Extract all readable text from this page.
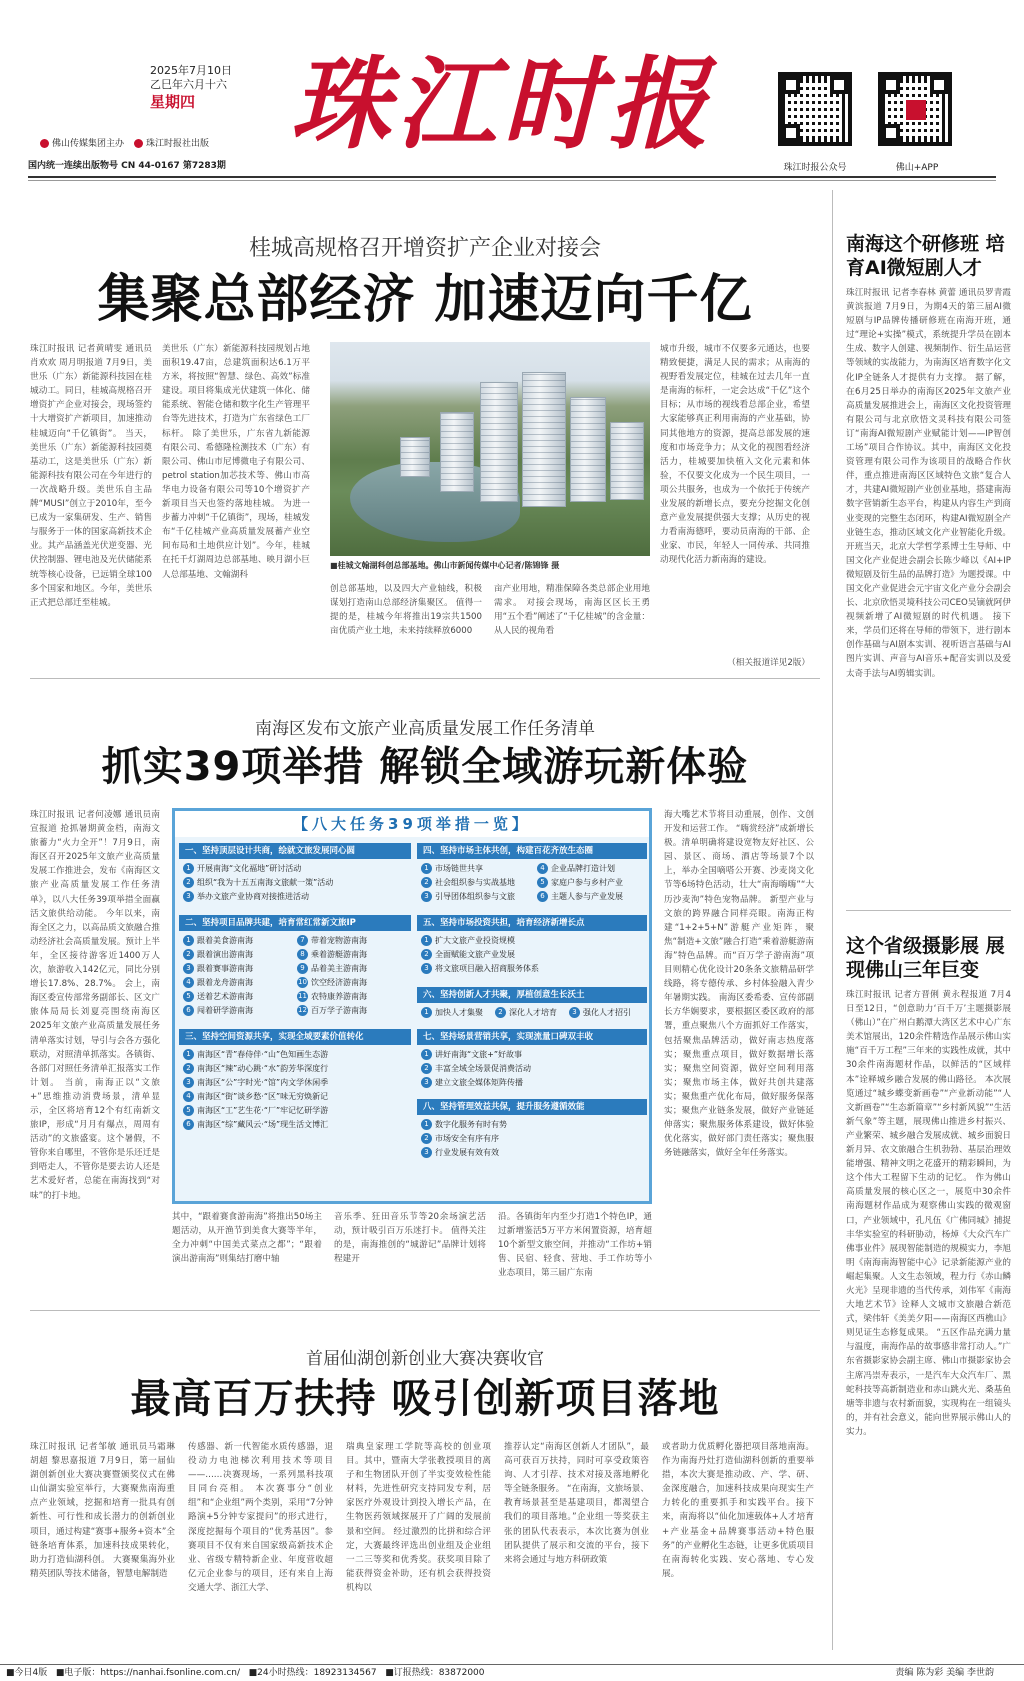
2025年7月10日
乙巳年六月十六
星期四
佛山传媒集团主办	珠江时报社出版
国内统一连续出版物号 CN 44-0167 第7283期
珠江时报
珠江时报公众号	佛山+APP
桂城高规格召开增资扩产企业对接会
集聚总部经济 加速迈向千亿
珠江时报讯 记者黄晴雯 通讯员肖欢欢 周月明报道 7月9日，美世乐（广东）新能源科技园在桂城动工。同日，桂城高规格召开增资扩产企业对接会，现场签约十大增资扩产新项目，加速推动桂城迈向“千亿镇街”。 当天，美世乐（广东）新能源科技园奠基动工，这是美世乐（广东）新能源科技有限公司在今年进行的一次战略升级。美世乐自主品牌“MUSI”创立于2010年，至今已成为一家集研发、生产、销售与服务于一体的国家高新技术企业。其产品涵盖光伏逆变器、光伏控制器、锂电池及光伏储能系统等核心设备，已远销全球100多个国家和地区。今年，美世乐正式把总部迁至桂城。
美世乐（广东）新能源科技园规划占地面积19.47亩，总建筑面积达6.1万平方米，将按照“智慧、绿色、高效”标准建设。项目将集成光伏建筑一体化、储能系统、智能仓储和数字化生产管理平台等先进技术，打造为广东省绿色工厂标杆。 除了美世乐，广东省九新能源有限公司、希德隆检测技术（广东）有限公司、佛山市尼博微电子有限公司、petrol station加芯技术等、佛山市高华电力设备有限公司等10个增资扩产新项目当天也签约落地桂城。 为进一步蓄力冲刺“千亿镇街”，现场，桂城发布“千亿桂城产业高质量发展蓄产业空间布局和土地供应计划”。今年，桂城在托千灯湖周边总部基地、映月湖小巨人总部基地、文翰湖科
■桂城文翰湖科创总部基地。佛山市新闻传媒中心记者/陈锦锋 摄
创总部基地，以及四大产业轴线，积极谋划打造南山总部经济集聚区。 值得一提的是，桂城今年将推出19宗共1500亩优质产业土地，未来持续释放6000
亩产业用地，精准保障各类总部企业用地需求。 对接会现场，南海区区长王勇用“五个看”阐述了“千亿桂城”的含金量：从人民的视角看
城市升级，城市不仅要多元通达，也要精致便捷，满足人民的需求；从南海的视野看发展定位，桂城在过去几年一直是南海的标杆，一定会达成“千亿”这个目标；从市场的视线看总部企业，希望大家能够真正利用南海的产业基础，协同其他地方的资源，提高总部发展的速度和市场竞争力；从文化的视图看经济活力，桂城要加快植入文化元素和体验，不仅要文化成为一个民生项目，一项公共服务，也成为一个依托于传统产业发展的新增长点，要充分挖掘文化创意产业发展提供强大支撑；从历史的视力看南海德呼，要动员南海的干部、企业家、市民，年轻人一同传承、共同推动现代化活力新南海的建设。
（相关报道详见2版）
南海这个研修班 培育AI微短剧人才
珠江时报讯 记者李春林 黄蕾 通讯员罗青霞 黄滨报道 7月9日，为期4天的第三届AI微短剧与IP品牌传播研修班在南海开班，通过“理论+实操”模式，系统提升学员在剧本生成、数字人创建、视频制作、衍生品运营等领域的实战能力，为南海区培育数字化文化IP全链条人才提供有力支撑。 据了解，在6月25日举办的南海区2025年文旅产业高质量发展推进会上，南海区文化投资管理有限公司与北京欣悟文灵科技有限公司签订“南海AI微短剧产业赋能计划——IP智创工场”项目合作协议。其中，南海区文化投资管理有限公司作为该项目的战略合作伙伴，重点推进南海区区域特色文旅“复合人才，共建AI微短剧产业创业基地，搭建南海数字营销新生态平台，构建从内容生产到商业变现的完整生态闭环，构建AI微短剧全产业链生态，推动区域文化产业智能化升级。 开班当天，北京大学哲学系博士生导师、中国文化产业促进会副会长陈少峰以《AI+IP微短剧及衍生品的品牌打造》为题授课。中国文化产业促进会元宇宙文化产业分会副会长、北京欣悟灵境科技公司CEO吴镝就阿伊视频新增了AI微短剧的时代机遇。 接下来，学员们还将在导师的带领下，进行剧本创作基础与AI剧本实训、视听语言基础与AI图片实训、声音与AI音乐+配音实训以及爱太奇手法与AI剪辑实训。
南海区发布文旅产业高质量发展工作任务清单
抓实39项举措 解锁全域游玩新体验
珠江时报讯 记者何凌娜 通讯员南宣报道 抢抓暑期黄金档，南海文旅蓄力“火力全开”！7月9日，南海区召开2025年文旅产业高质量发展工作推进会，发布《南海区文旅产业高质量发展工作任务清单》，以八大任务39项举措全面赢活文旅供给动能。 今年以来，南海全区之力，以高品质文旅融合推动经济社会高质量发展。预计上半年，全区接待游客近1400万人次，旅游收入142亿元，同比分别增长17.8%、28.7%。 会上，南海区委宣传部常务副部长、区文广旅体局局长刘夏亮围绕南海区2025年文旅产业高质量发展任务清单落实讨划，导引与会各方强化联动，对照清单抓落实。各镇街、各部门对照任务清单汇报落实工作计划。 当前，南海正以“文旅+”思维推动消费场景，清单显示，全区将培育12个有红南新文旅IP，形成“月月有爆点，周周有活动”的文旅盛宴。这个暑假，不管你来自哪里，不管你是乐还迁是到唔走人，不管你是要去访人还是艺术爱好者，总能在南海找到“对味”的打卡地。
【八大任务39项举措一览】
一、坚持顶层设计共商，绘就文旅发展同心圆
1 开展南海“文化福地”研讨活动
2 组织“我为十五五南海文旅献一策”活动
3 举办文旅产业协商对接推进活动
二、坚持项目品牌共建，培育常红常新文旅IP
1 跟着美食游南海
2 跟着演出游南海
3 跟着赛事游南海
4 跟着龙舟游南海
5 送着艺术游南海
6 闯着研学游南海
7 带着宠物游南海
8 乘着游艇游南海
9 品着美主游南海
10 饮空经济游南海
11 农特康养游南海
12 百万学子游南海
三、坚持空间资源共享，实现全域要素价值转化
1 南海区“青”春侍伴·“山”色知画生态游
2 南海区“辣”动心跳·“水”韵芳华深度行
3 南海区“公”字时光·“馆”内文学休闲季
4 南海区“街”谈乡愁·“区”味无穷焕新记
5 南海区“工”艺生花·“厂”牢记忆研学游
6 南海区“综”藏风云·“场”现生活文博汇
四、坚持市场主体共创，构建百花齐放生态圈
1 市场链世共享
2 社会组织参与实战基地
3 引导团体组织参与文旅
4 企业品牌打造计划
5 家庭户参与乡村产业
6 主题人参与产业发展
五、坚持市场投资共担，培育经济新增长点
1 扩大文旅产业投资规模
2 全面赋能文旅产业发展
3 将文旅项目融入招商服务体系
六、坚持创新人才共聚，厚植创意生长沃土
1 加快人才集聚	2 深化人才培育	3 强化人才招引
七、坚持场景营销共享，实现流量口碑双丰收
1 讲好南海“文旅+”好故事
2 丰富全域全场景促消费活动
3 建立文旅全媒体矩阵传播
八、坚持管理效益共保，提升服务遵循效能
1 数字化服务有时有势
2 市场安全有序有序
3 行业发展有效有效
其中，“跟着赛食游南海”将推出50场主题活动，从开渔节到美食大赛等半年，全力冲刺“中国美式菜点之都”；“跟着演出游南海”则集结打磨中轴
音乐季、狂田音乐节等20余场演艺活动，预计吸引百万乐迷打卡。 值得关注的是，南海推创的“城游记”品牌计划将程建开
沿。各镇街年内至少打造1个特色IP，通过新增鉴活5万平方米闲置资源，培育超10个新型文旅空间，并推动“工作坊+销售、民宿、轻食、营地、手工作坊等小业态项目，第三届广东南
海大嘴艺术节将目动重展，创作、文创开发和运营工作。 “嗨赏经济”成新增长极。清单明确将建设宽物友好社区、公园、景区、商场、酒店等场景7个以上，举办全国嘀嗒公开赛、沙麦岗文化节等6场特色活动，壮大“南海嗨嗨”“大历沙麦洵”特色宠物品牌。 新型产业与文旅的跨界融合同样亮眼。南海正构建“1+2+5+N”游艇产业矩阵，聚焦“制造+文旅”融合打造“乘着游艇游南海”特色品牌。而“百万学子游南海”项目则精心优化设计20条条文旅精品研学线路，将专德传承、乡村体验融入青少年暑期实践。 南海区委希委、宣传部副长方华娴要求，要根据区委区政府的部署，重点聚焦八个方面抓好工作落实，包括聚焦品牌活动，做好南志热度落实；聚焦重点项目，做好数据增长落实；聚焦空间资源，做好空间利用落实；聚焦市场主体，做好共创共建落实；聚焦重产优化布局，做好服务保落实；聚焦产业链条发展，做好产业链延伸落实；聚焦服务体系建设，做好体验优化落实，做好部门责任落实；聚焦服务链融落实，做好全年任务落实。
这个省级摄影展 展现佛山三年巨变
珠江时报讯 记者方晋俐 黄永程报道 7月4日至12日，“创意助力‘百千万’主题摄影展（佛山）”在广州白鹅潭大湾区艺术中心广东美术馆展出，120余件精选作品展示佛山实施“百千万工程”三年来的实践性成就，其中30余件南海题材作品，以鲜活的“区域样本”诠释城乡融合发展的佛山路径。 本次展览通过“城乡蝶变新画卷”“产业新动能”“人文新画卷”“生态新篇章”“乡村新风貌”“生活新气象”等主题，展现佛山推进乡村振兴、产业繁荣、城乡融合发展成就、城乡面貌日新月异、农文旅融合生机勃勃、基层治理效能增强、精神文明之花盛开的精彩瞬间，为这个伟大工程留下生动的记忆。 作为佛山高质量发展的核心区之一，展览中30余件南海题材作品成为观察佛山实践的微观窗口，产业领域中，孔凡伍《广佛同城》捕捉丰华实验室的科研胁动，杨焯《大众汽车广佛事业件》展现智能制造的规模实力，李旭明《南海南海智能中心》记录新能源产业的崛起集聚。人文生态领域，程力行《赤山鳞火光》呈现非遗的当代传承，刘伟军《南海大地艺术节》诠释人文城市文旅融合新范式，梁伟轩《美美夕阳——南海区西樵山》则见证生态修复成果。 “五区作品充满力量与温度，南海作品的故事感非常打动人。”广东省摄影家协会副主席、佛山市摄影家协会主席冯崇寿表示，一是汽车大众汽车厂、黑蛇科技等高新制造业和赤山跳火光、桑基鱼塘等非遗与农村新面貌，实现构在一组镜头的，并有社会意义，能向世界展示佛山人的实力。
首届仙湖创新创业大赛决赛收官
最高百万扶持 吸引创新项目落地
珠江时报讯 记者邹敏 通讯员马霜琳 胡超 黎思嘉报道 7月9日，第一届仙湖创新创业大赛决赛暨颁奖仪式在佛山仙湖实验室举行，大赛聚焦南海重点产业领域，挖掘和培育一批具有创新性、可行性和成长潜力的创新创业项目，通过构建“赛事+服务+资本”全链条培育体系，加速科技成果转化，助力打造仙湖科创。 大赛聚集海外业精英团队等技术储备，智慧电解制造
传感器、新一代智能水质传感器，退役动力电池梯次利用技术等项目——……决赛现场，一系列黑科技项目同台亮相。 本次赛事分“创业组”和“企业组”两个类别，采用“7分钟路演+5分钟专家提问”的形式进行，深度挖掘每个项目的“优秀基因”。参赛项目不仅有来自国家级高新技术企业、省级专精特新企业、年度营收超亿元企业参与的项目，还有来自上海交通大学、浙江大学、
瑞典皇家理工学院等高校的创业项目。其中，暨南大学张教授项目的离子和生物团队开创了半实变效检性能材料，先进性研究支持同发专利，居家医疗外观设计到投入增长产品，在生物医药领域探展开了广阔的发展前景和空间。 经过激烈的比拼和综合评定，大赛最终评选出创业组及企业组一二三等奖和优秀奖。获奖项目除了能获得资金补助，还有机会获得投资机构以
推荐认定“南海区创新人才团队”，最高可获百万扶持，同时可享受政策咨询、人才引荐、技术对接及落地孵化等全链条服务。 “在南海，文旅场景、教育场景甚至是基建项目，都渴望合我们的项目落地。”企业组一等奖获主张的团队代表表示，本次比赛为创业团队提供了展示和交流的平台，接下来将会通过与地方科研政策
或者助力优质孵化器把项目落地南海。 作为南海丹灶打造仙湖科创新的重要举措，本次大赛是推动政、产、学、研、金深度融合，加速科技成果向现实生产力转化的重要抓手和实践平台。接下来，南海将以“仙化加速载体+人才培育+产业基金+品牌赛事活动+特色服务”的产业孵化生态链，让更多优质项目在南海转化实践、安心落地、专心发展。
■今日4版 ■电子版：https://nanhai.fsonline.com.cn/ ■24小时热线：18923134567 ■订报热线：83872000	责编 陈为彩 美编 李世韵
